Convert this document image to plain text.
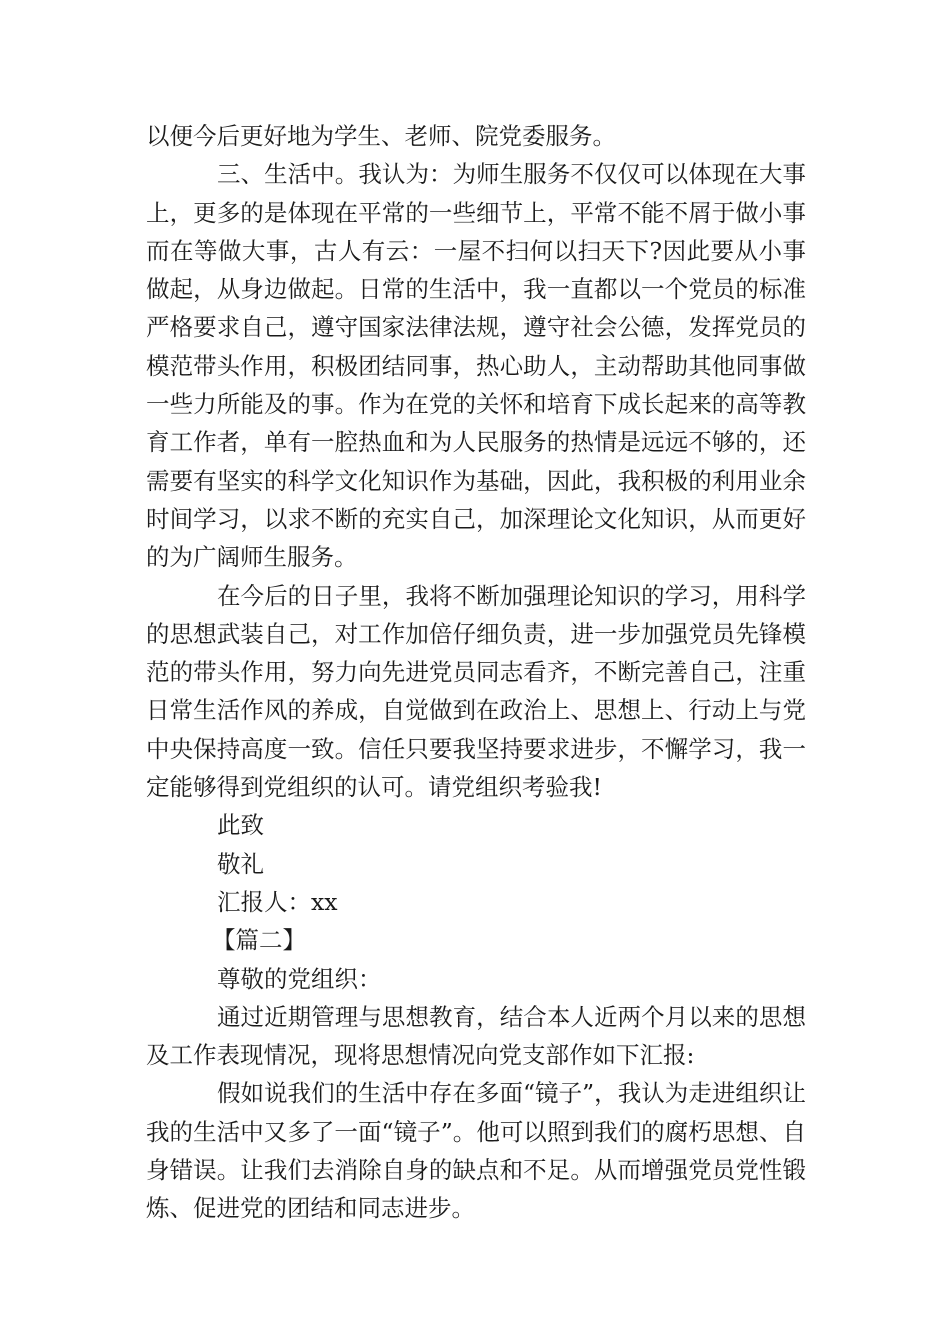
以便今后更好地为学生、老师、院党委服务。

三、生活中。我认为：为师生服务不仅仅可以体现在大事上，更多的是体现在平常的一些细节上，平常不能不屑于做小事而在等做大事，古人有云：一屋不扫何以扫天下?因此要从小事做起，从身边做起。日常的生活中，我一直都以一个党员的标准严格要求自己，遵守国家法律法规，遵守社会公德，发挥党员的模范带头作用，积极团结同事，热心助人，主动帮助其他同事做一些力所能及的事。作为在党的关怀和培育下成长起来的高等教育工作者，单有一腔热血和为人民服务的热情是远远不够的，还需要有坚实的科学文化知识作为基础，因此，我积极的利用业余时间学习，以求不断的充实自己，加深理论文化知识，从而更好的为广阔师生服务。

在今后的日子里，我将不断加强理论知识的学习，用科学的思想武装自己，对工作加倍仔细负责，进一步加强党员先锋模范的带头作用，努力向先进党员同志看齐，不断完善自己，注重日常生活作风的养成，自觉做到在政治上、思想上、行动上与党中央保持高度一致。信任只要我坚持要求进步，不懈学习，我一定能够得到党组织的认可。请党组织考验我!

此致

敬礼

汇报人：xx

【篇二】

尊敬的党组织：

通过近期管理与思想教育，结合本人近两个月以来的思想及工作表现情况，现将思想情况向党支部作如下汇报:

假如说我们的生活中存在多面“镜子”，我认为走进组织让我的生活中又多了一面“镜子”。他可以照到我们的腐朽思想、自身错误。让我们去消除自身的缺点和不足。从而增强党员党性锻炼、促进党的团结和同志进步。
